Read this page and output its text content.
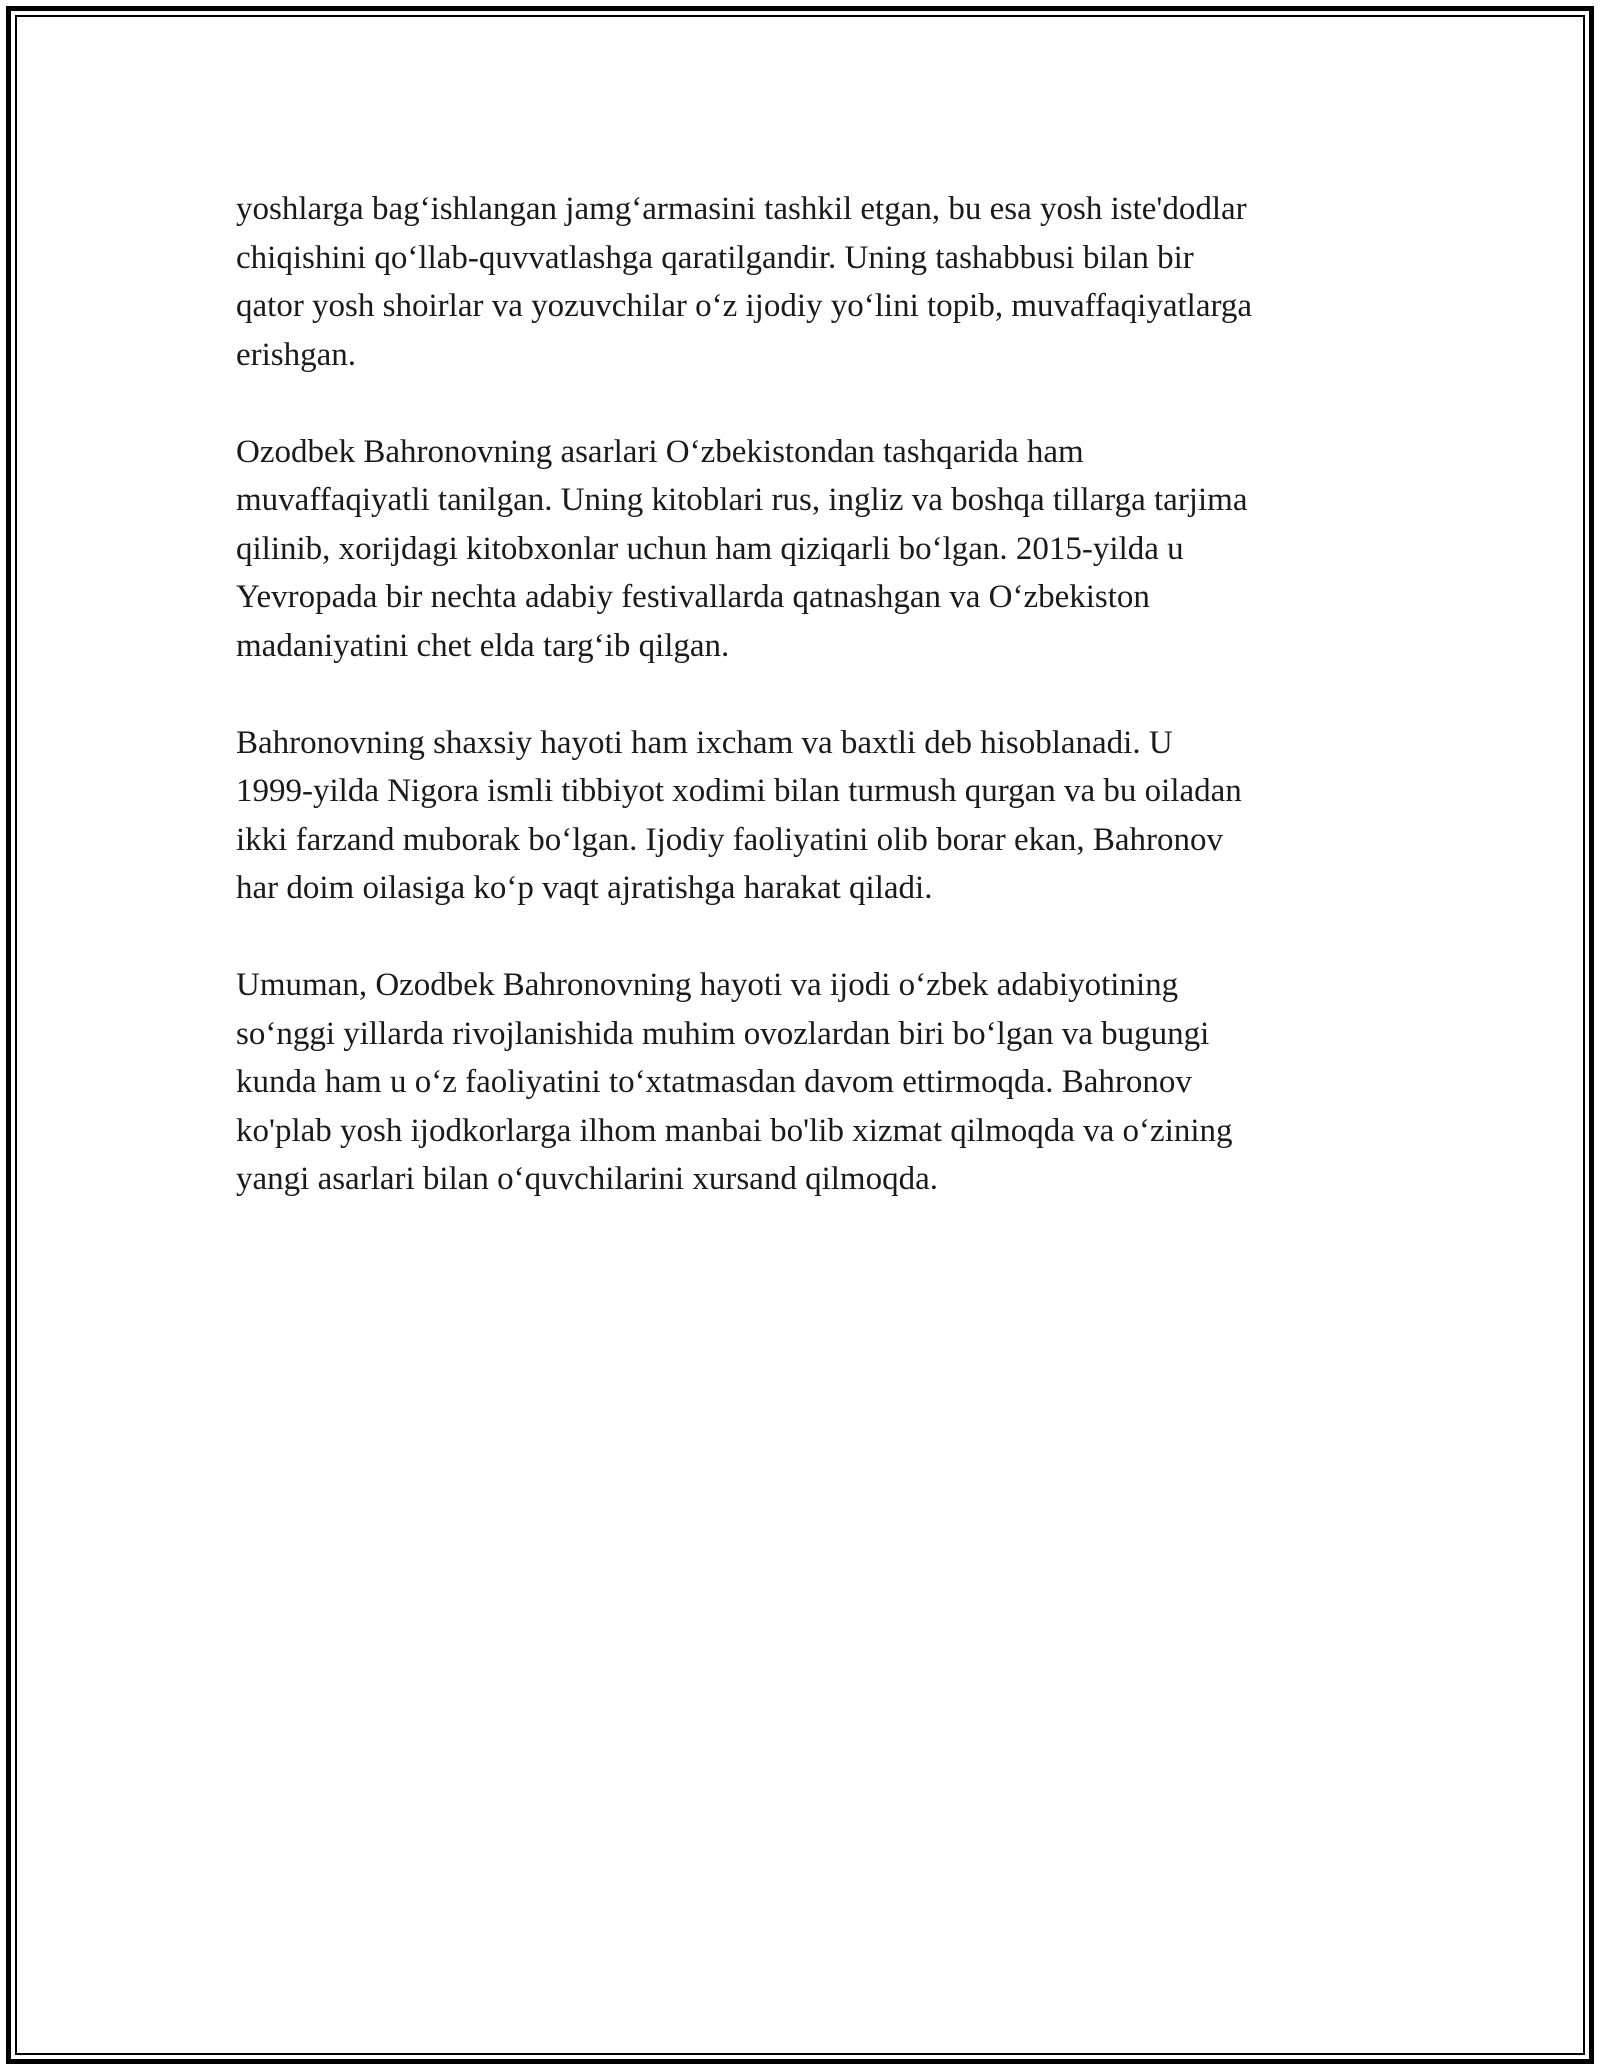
yoshlarga bag‘ishlangan jamg‘armasini tashkil etgan, bu esa yosh iste'dodlar
chiqishini qo‘llab-quvvatlashga qaratilgandir. Uning tashabbusi bilan bir
qator yosh shoirlar va yozuvchilar o‘z ijodiy yo‘lini topib, muvaffaqiyatlarga
erishgan.

Ozodbek Bahronovning asarlari O‘zbekistondan tashqarida ham
muvaffaqiyatli tanilgan. Uning kitoblari rus, ingliz va boshqa tillarga tarjima
qilinib, xorijdagi kitobxonlar uchun ham qiziqarli bo‘lgan. 2015-yilda u
Yevropada bir nechta adabiy festivallarda qatnashgan va O‘zbekiston
madaniyatini chet elda targ‘ib qilgan.

Bahronovning shaxsiy hayoti ham ixcham va baxtli deb hisoblanadi. U
1999-yilda Nigora ismli tibbiyot xodimi bilan turmush qurgan va bu oiladan
ikki farzand muborak bo‘lgan. Ijodiy faoliyatini olib borar ekan, Bahronov
har doim oilasiga ko‘p vaqt ajratishga harakat qiladi.

Umuman, Ozodbek Bahronovning hayoti va ijodi o‘zbek adabiyotining
so‘nggi yillarda rivojlanishida muhim ovozlardan biri bo‘lgan va bugungi
kunda ham u o‘z faoliyatini to‘xtatmasdan davom ettirmoqda. Bahronov
ko'plab yosh ijodkorlarga ilhom manbai bo'lib xizmat qilmoqda va o‘zining
yangi asarlari bilan o‘quvchilarini xursand qilmoqda.
